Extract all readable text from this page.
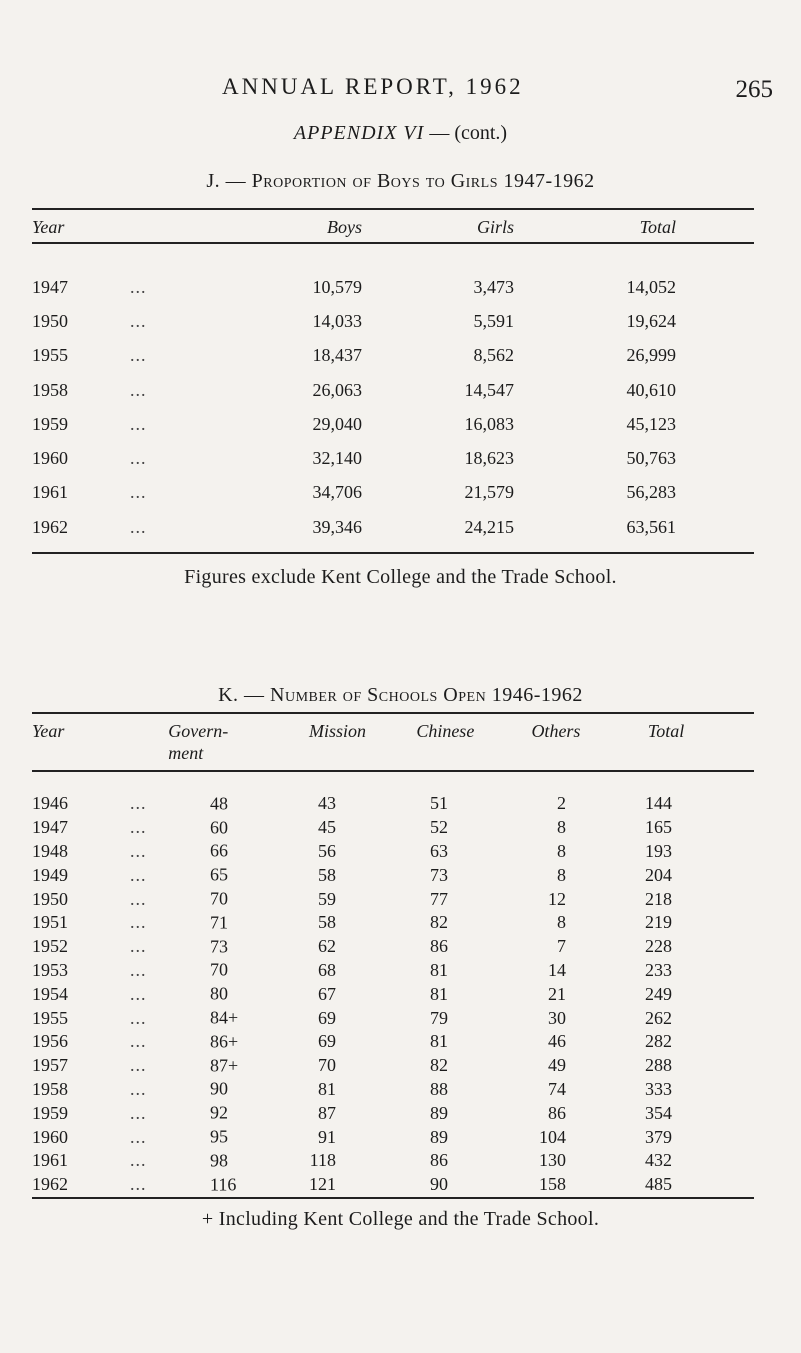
ANNUAL REPORT, 1962	265
APPENDIX VI — (cont.)
J. — Proportion of Boys to Girls 1947-1962
Year		Boys	Girls	Total	
1947	...	10,579	3,473	14,052	
1950	...	14,033	5,591	19,624	
1955	...	18,437	8,562	26,999	
1958	...	26,063	14,547	40,610	
1959	...	29,040	16,083	45,123	
1960	...	32,140	18,623	50,763	
1961	...	34,706	21,579	56,283	
1962	...	39,346	24,215	63,561	
Figures exclude Kent College and the Trade School.
K. — Number of Schools Open 1946-1962
Year	Govern-ment	Mission	Chinese	Others	Total	
1946	... 48	43	51	2	144	
1947	... 60	45	52	8	165	
1948	... 66	56	63	8	193	
1949	... 65	58	73	8	204	
1950	... 70	59	77	12	218	
1951	... 71	58	82	8	219	
1952	... 73	62	86	7	228	
1953	... 70	68	81	14	233	
1954	... 80	67	81	21	249	
1955	... 84+	69	79	30	262	
1956	... 86+	69	81	46	282	
1957	... 87+	70	82	49	288	
1958	... 90	81	88	74	333	
1959	... 92	87	89	86	354	
1960	... 95	91	89	104	379	
1961	... 98	118	86	130	432	
1962	... 116	121	90	158	485	
+ Including Kent College and the Trade School.
